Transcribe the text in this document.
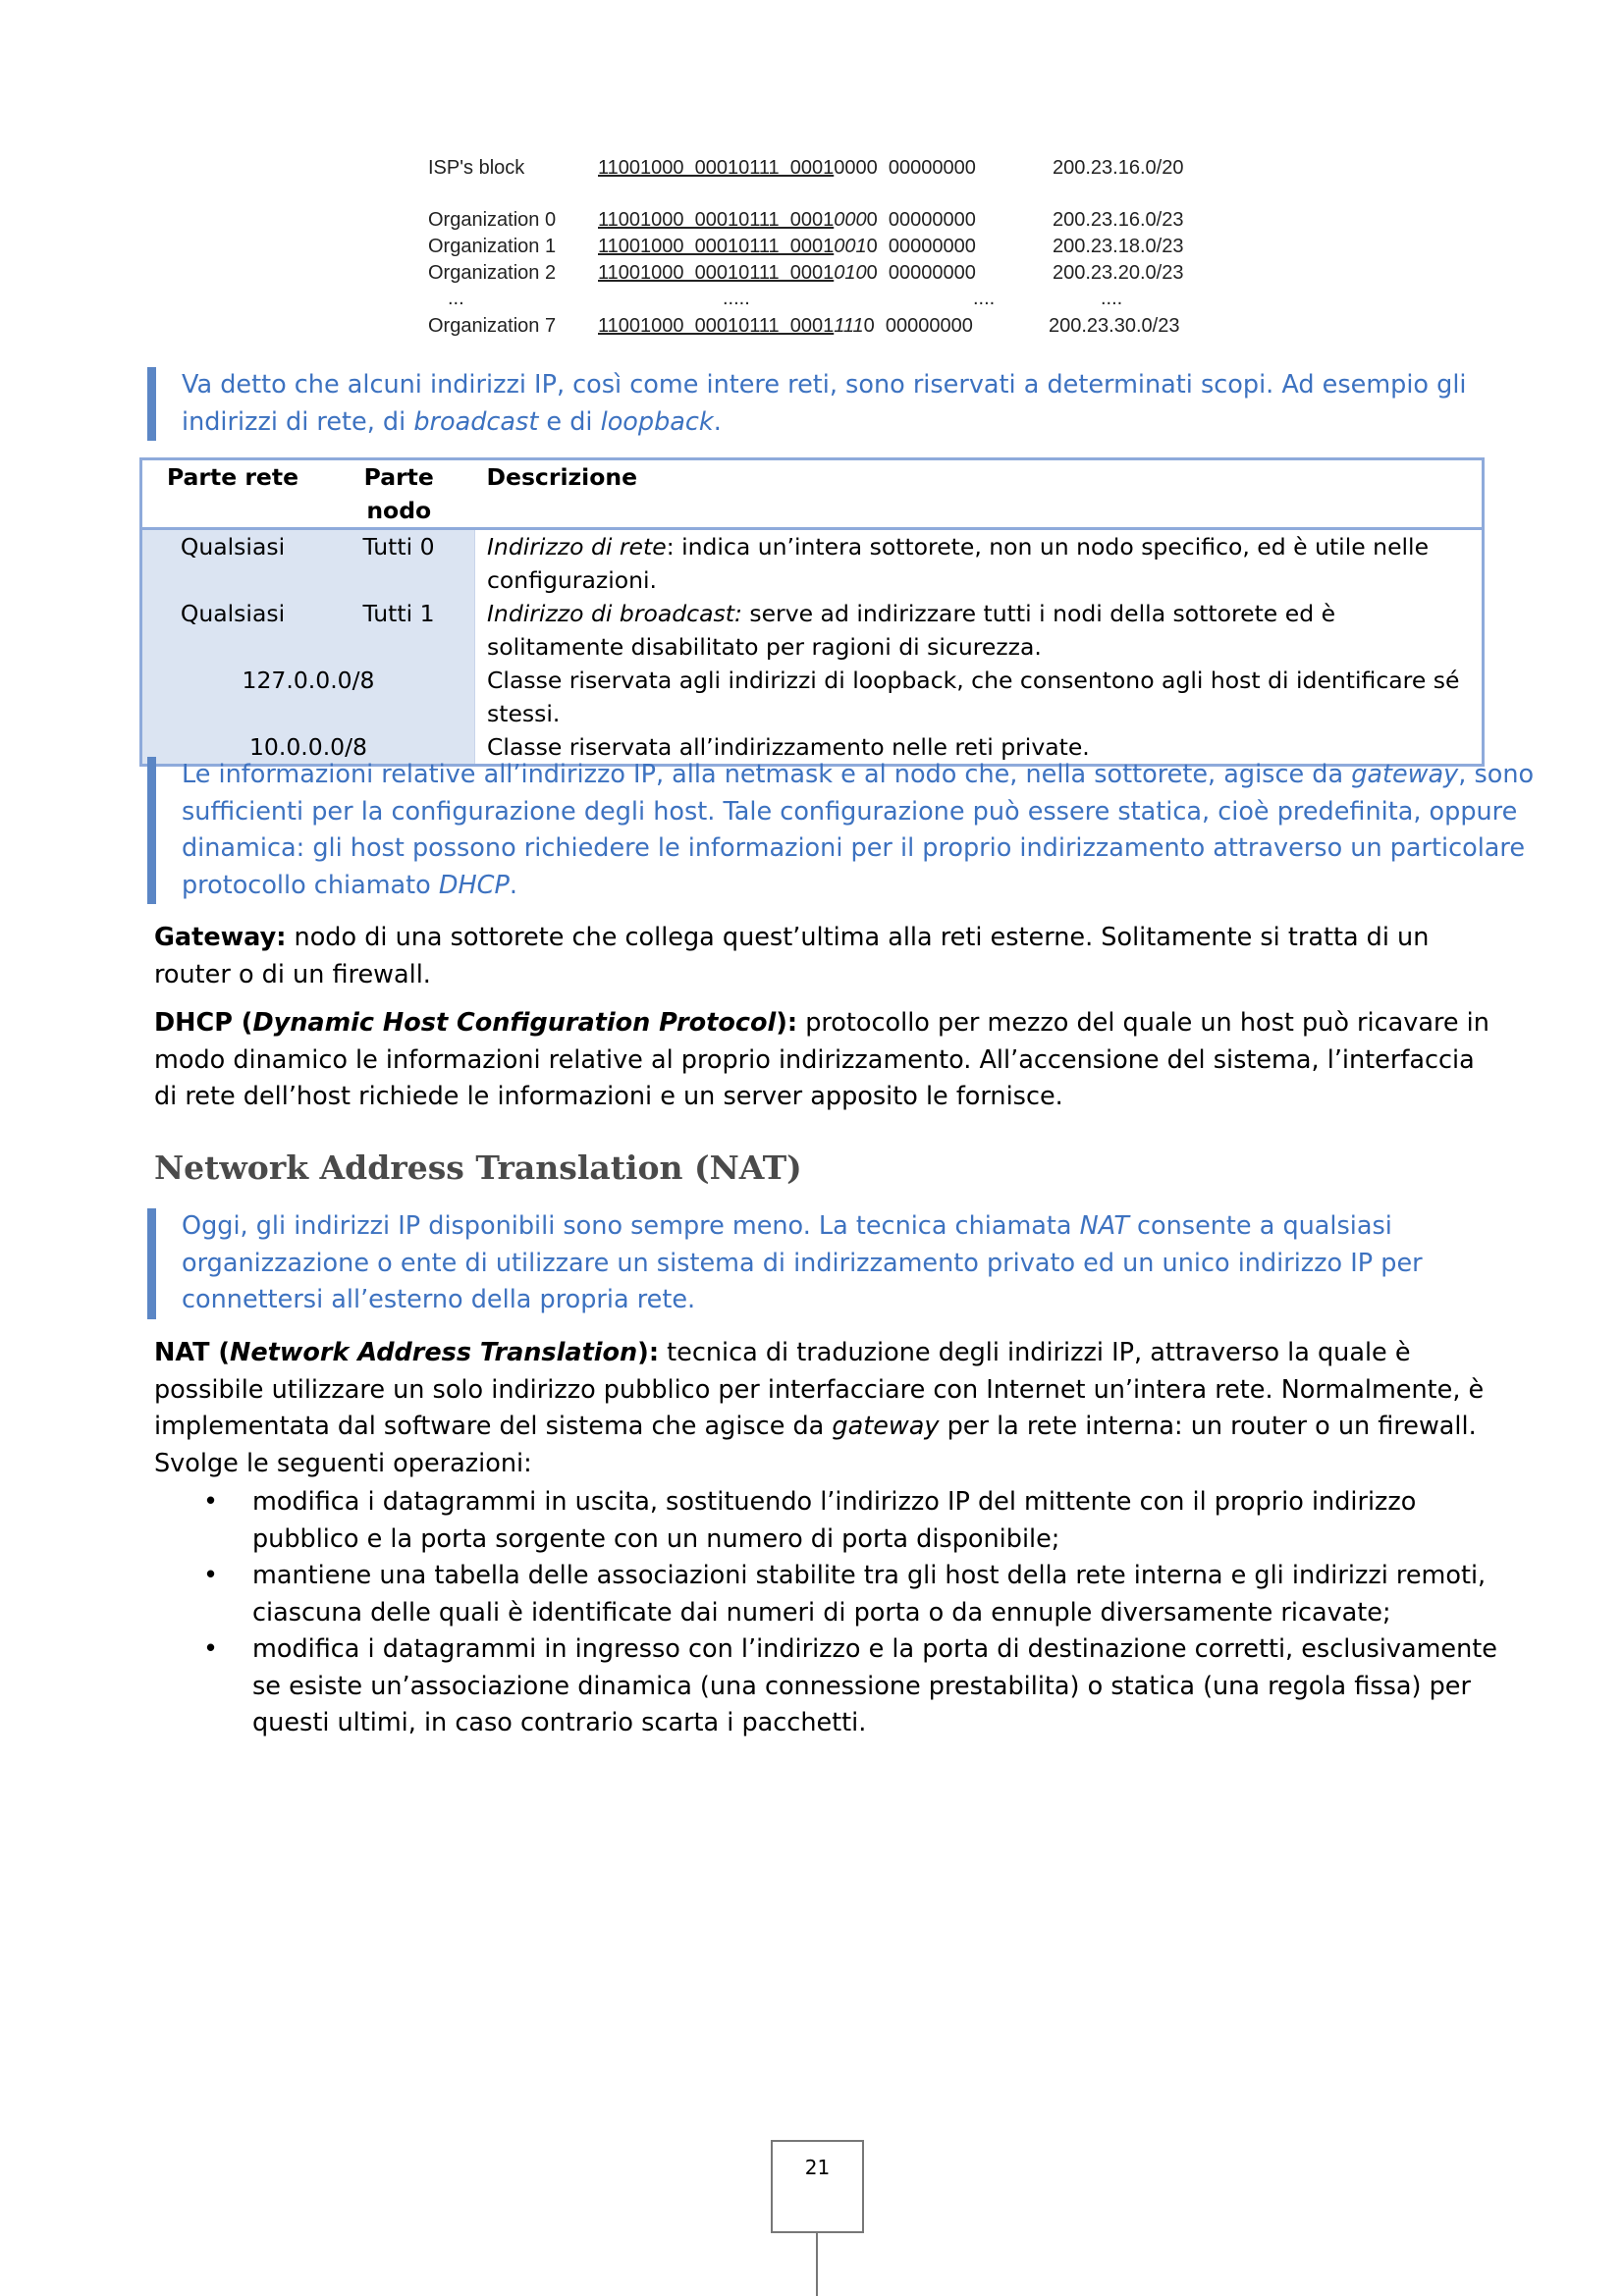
ISP's block	11001000  00010111  00010000  00000000	200.23.16.0/20
Organization 0 11001000  00010111  00010000  00000000	200.23.16.0/23
Organization 1 11001000  00010111  00010010  00000000	200.23.18.0/23
Organization 2 11001000  00010111  00010100  00000000	200.23.20.0/23
...	.....	....	....
Organization 7 11001000  00010111  00011110  00000000	200.23.30.0/23
Va detto che alcuni indirizzi IP, così come intere reti, sono riservati a determinati scopi. Ad esempio gli indirizzi di rete, di broadcast e di loopback.
Parte rete	Parte nodo	Descrizione
Qualsiasi	Tutti 0	Indirizzo di rete: indica un’intera sottorete, non un nodo specifico, ed è utile nelle configurazioni.
Qualsiasi	Tutti 1	Indirizzo di broadcast: serve ad indirizzare tutti i nodi della sottorete ed è solitamente disabilitato per ragioni di sicurezza.
127.0.0.0/8		Classe riservata agli indirizzi di loopback, che consentono agli host di identificare sé stessi.
10.0.0.0/8		Classe riservata all’indirizzamento nelle reti private.
Le informazioni relative all’indirizzo IP, alla netmask e al nodo che, nella sottorete, agisce da gateway, sono sufficienti per la configurazione degli host. Tale configurazione può essere statica, cioè predefinita, oppure dinamica: gli host possono richiedere le informazioni per il proprio indirizzamento attraverso un particolare protocollo chiamato DHCP.
Gateway: nodo di una sottorete che collega quest’ultima alla reti esterne. Solitamente si tratta di un router o di un firewall.
DHCP (Dynamic Host Configuration Protocol): protocollo per mezzo del quale un host può ricavare in modo dinamico le informazioni relative al proprio indirizzamento. All’accensione del sistema, l’interfaccia di rete dell’host richiede le informazioni e un server apposito le fornisce.
Network Address Translation (NAT)
Oggi, gli indirizzi IP disponibili sono sempre meno. La tecnica chiamata NAT consente a qualsiasi organizzazione o ente di utilizzare un sistema di indirizzamento privato ed un unico indirizzo IP per connettersi all’esterno della propria rete.
NAT (Network Address Translation): tecnica di traduzione degli indirizzi IP, attraverso la quale è possibile utilizzare un solo indirizzo pubblico per interfacciare con Internet un’intera rete. Normalmente, è implementata dal software del sistema che agisce da gateway per la rete interna: un router o un firewall. Svolge le seguenti operazioni:
• modifica i datagrammi in uscita, sostituendo l’indirizzo IP del mittente con il proprio indirizzo pubblico e la porta sorgente con un numero di porta disponibile;
• mantiene una tabella delle associazioni stabilite tra gli host della rete interna e gli indirizzi remoti, ciascuna delle quali è identificate dai numeri di porta o da ennuple diversamente ricavate;
• modifica i datagrammi in ingresso con l’indirizzo e la porta di destinazione corretti, esclusivamente se esiste un’associazione dinamica (una connessione prestabilita) o statica (una regola fissa) per questi ultimi, in caso contrario scarta i pacchetti.
21
